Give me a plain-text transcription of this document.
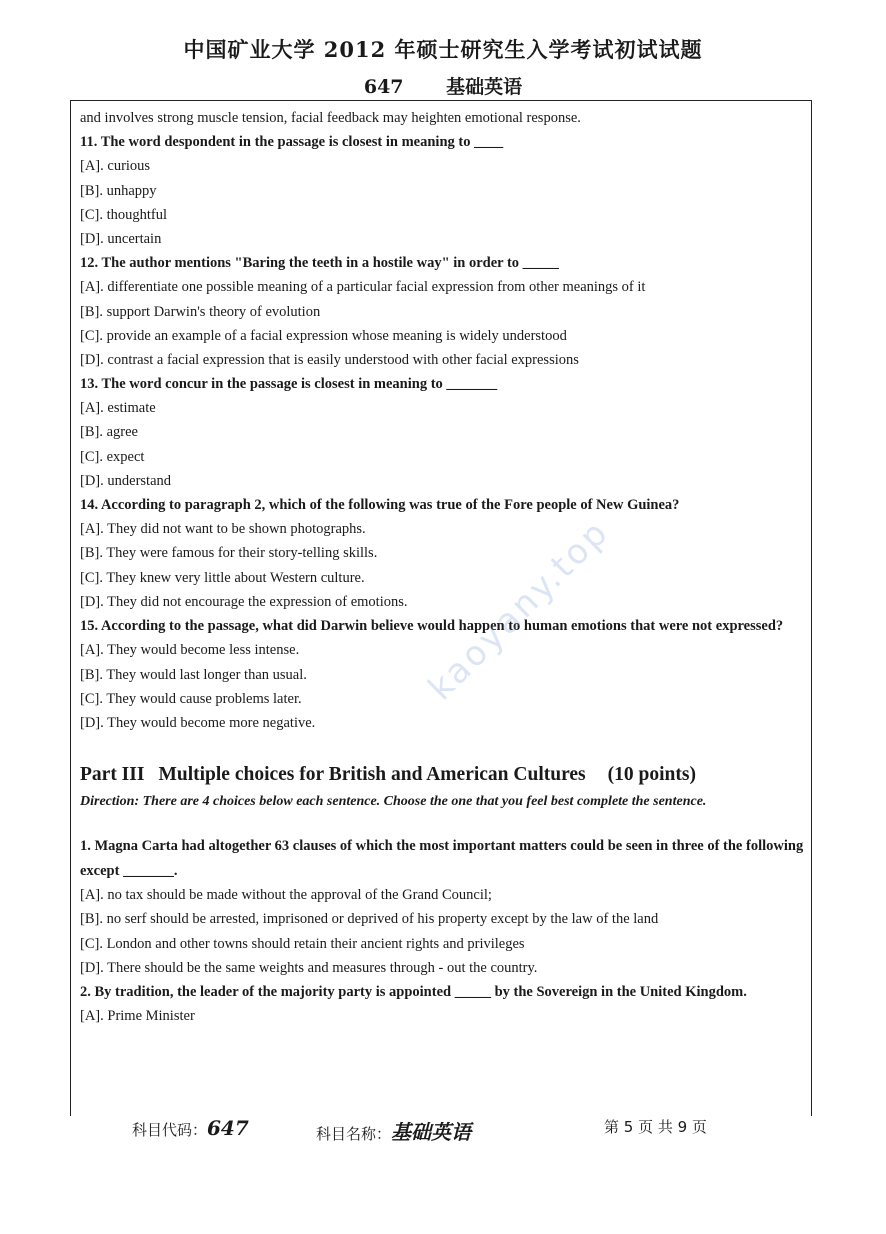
中国矿业大学 2012 年硕士研究生入学考试初试试题
647 基础英语
and involves strong muscle tension, facial feedback may heighten emotional response.
11. The word despondent in the passage is closest in meaning to ____
[A]. curious
[B]. unhappy
[C]. thoughtful
[D]. uncertain
12. The author mentions "Baring the teeth in a hostile way" in order to _____
[A]. differentiate one possible meaning of a particular facial expression from other meanings of it
[B]. support Darwin's theory of evolution
[C]. provide an example of a facial expression whose meaning is widely understood
[D]. contrast a facial expression that is easily understood with other facial expressions
13. The word concur in the passage is closest in meaning to _______
[A]. estimate
[B]. agree
[C]. expect
[D]. understand
14. According to paragraph 2, which of the following was true of the Fore people of New Guinea?
[A]. They did not want to be shown photographs.
[B]. They were famous for their story-telling skills.
[C]. They knew very little about Western culture.
[D]. They did not encourage the expression of emotions.
15. According to the passage, what did Darwin believe would happen to human emotions that were not expressed?
[A]. They would become less intense.
[B]. They would last longer than usual.
[C]. They would cause problems later.
[D]. They would become more negative.
Part III Multiple choices for British and American Cultures (10 points)
Direction: There are 4 choices below each sentence. Choose the one that you feel best complete the sentence.
1. Magna Carta had altogether 63 clauses of which the most important matters could be seen in three of the following except _______.
[A]. no tax should be made without the approval of the Grand Council;
[B]. no serf should be arrested, imprisoned or deprived of his property except by the law of the land
[C]. London and other towns should retain their ancient rights and privileges
[D]. There should be the same weights and measures through - out the country.
2. By tradition, the leader of the majority party is appointed _____ by the Sovereign in the United Kingdom.
[A]. Prime Minister
kaoyany.top
科目代码：647	科目名称：基础英语	第 5 页 共 9 页
